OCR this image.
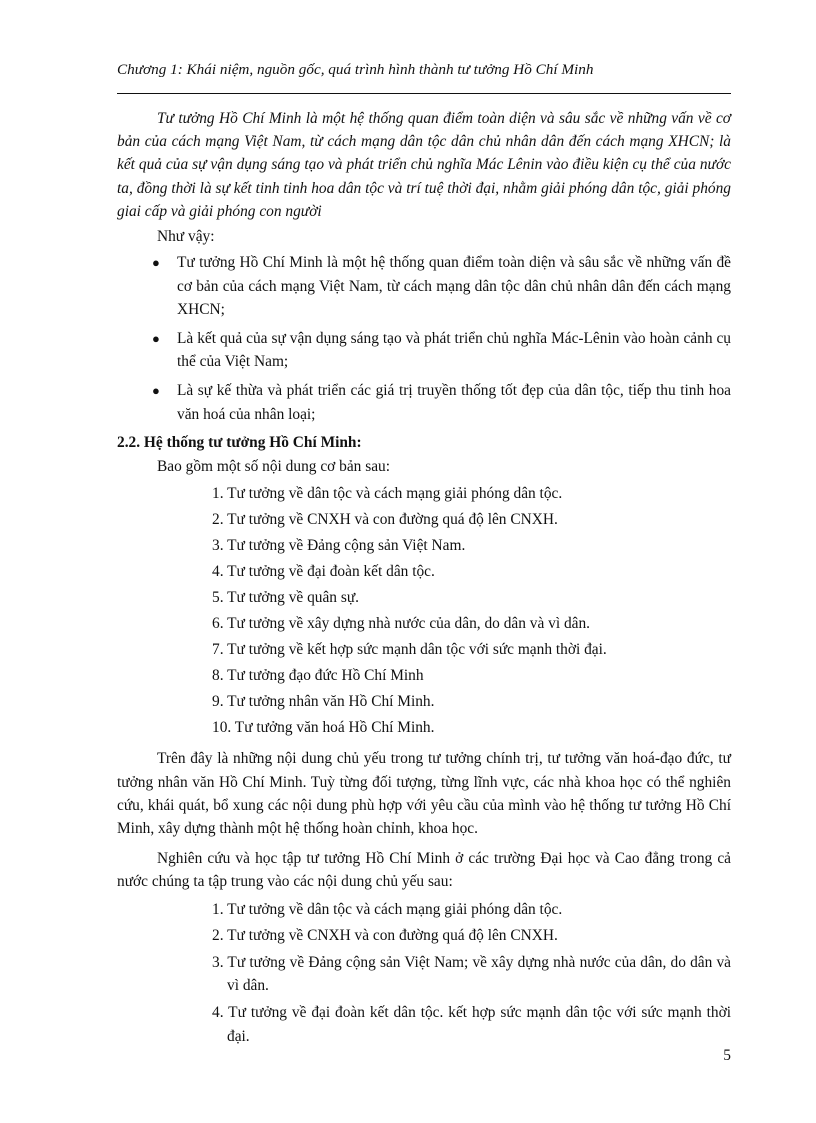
Chương 1: Khái niệm, nguồn gốc, quá trình hình thành tư tưởng Hồ Chí Minh

Tư tưởng Hồ Chí Minh là một hệ thống quan điểm toàn diện và sâu sắc về những vấn về cơ bản của cách mạng Việt Nam, từ cách mạng dân tộc dân chủ nhân dân đến cách mạng XHCN; là kết quả của sự vận dụng sáng tạo và phát triển chủ nghĩa Mác Lênin vào điều kiện cụ thể của nước ta, đồng thời là sự kết tinh tinh hoa dân tộc và trí tuệ thời đại, nhằm giải phóng dân tộc, giải phóng giai cấp và giải phóng con người

Như vậy:

● Tư tưởng Hồ Chí Minh là một hệ thống quan điểm toàn diện và sâu sắc về những vấn đề cơ bản của cách mạng Việt Nam, từ cách mạng dân tộc dân chủ nhân dân đến cách mạng XHCN;
● Là kết quả của sự vận dụng sáng tạo và phát triển chủ nghĩa Mác-Lênin vào hoàn cảnh cụ thể của Việt Nam;
● Là sự kế thừa và phát triển các giá trị truyền thống tốt đẹp của dân tộc, tiếp thu tinh hoa văn hoá của nhân loại;

2.2. Hệ thống tư tưởng Hồ Chí Minh:

Bao gồm một số nội dung cơ bản sau:

1. Tư tưởng về dân tộc và cách mạng giải phóng dân tộc.
2. Tư tưởng về CNXH và con đường quá độ lên CNXH.
3. Tư tưởng về Đảng cộng sản Việt Nam.
4. Tư tưởng về đại đoàn kết dân tộc.
5. Tư tưởng về quân sự.
6. Tư tưởng về xây dựng nhà nước của dân, do dân và vì dân.
7. Tư tưởng về kết hợp sức mạnh dân tộc với sức mạnh thời đại.
8. Tư tưởng đạo đức Hồ Chí Minh
9. Tư tưởng nhân văn Hồ Chí Minh.
10. Tư tưởng văn hoá Hồ Chí Minh.

Trên đây là những nội dung chủ yếu trong tư tưởng chính trị, tư tưởng văn hoá-đạo đức, tư tưởng nhân văn Hồ Chí Minh. Tuỳ từng đối tượng, từng lĩnh vực, các nhà khoa học có thể nghiên cứu, khái quát, bổ xung các nội dung phù hợp với yêu cầu của mình vào hệ thống tư tưởng Hồ Chí Minh, xây dựng thành một hệ thống hoàn chỉnh, khoa học.

Nghiên cứu và học tập tư tưởng Hồ Chí Minh ở các trường Đại học và Cao đẳng trong cả nước chúng ta tập trung vào các nội dung chủ yếu sau:

1. Tư tưởng về dân tộc và cách mạng giải phóng dân tộc.
2. Tư tưởng về CNXH và con đường quá độ lên CNXH.
3. Tư tưởng về Đảng cộng sản Việt Nam; về xây dựng nhà nước của dân, do dân và vì dân.
4. Tư tưởng về đại đoàn kết dân tộc. kết hợp sức mạnh dân tộc với sức mạnh thời đại.
5
